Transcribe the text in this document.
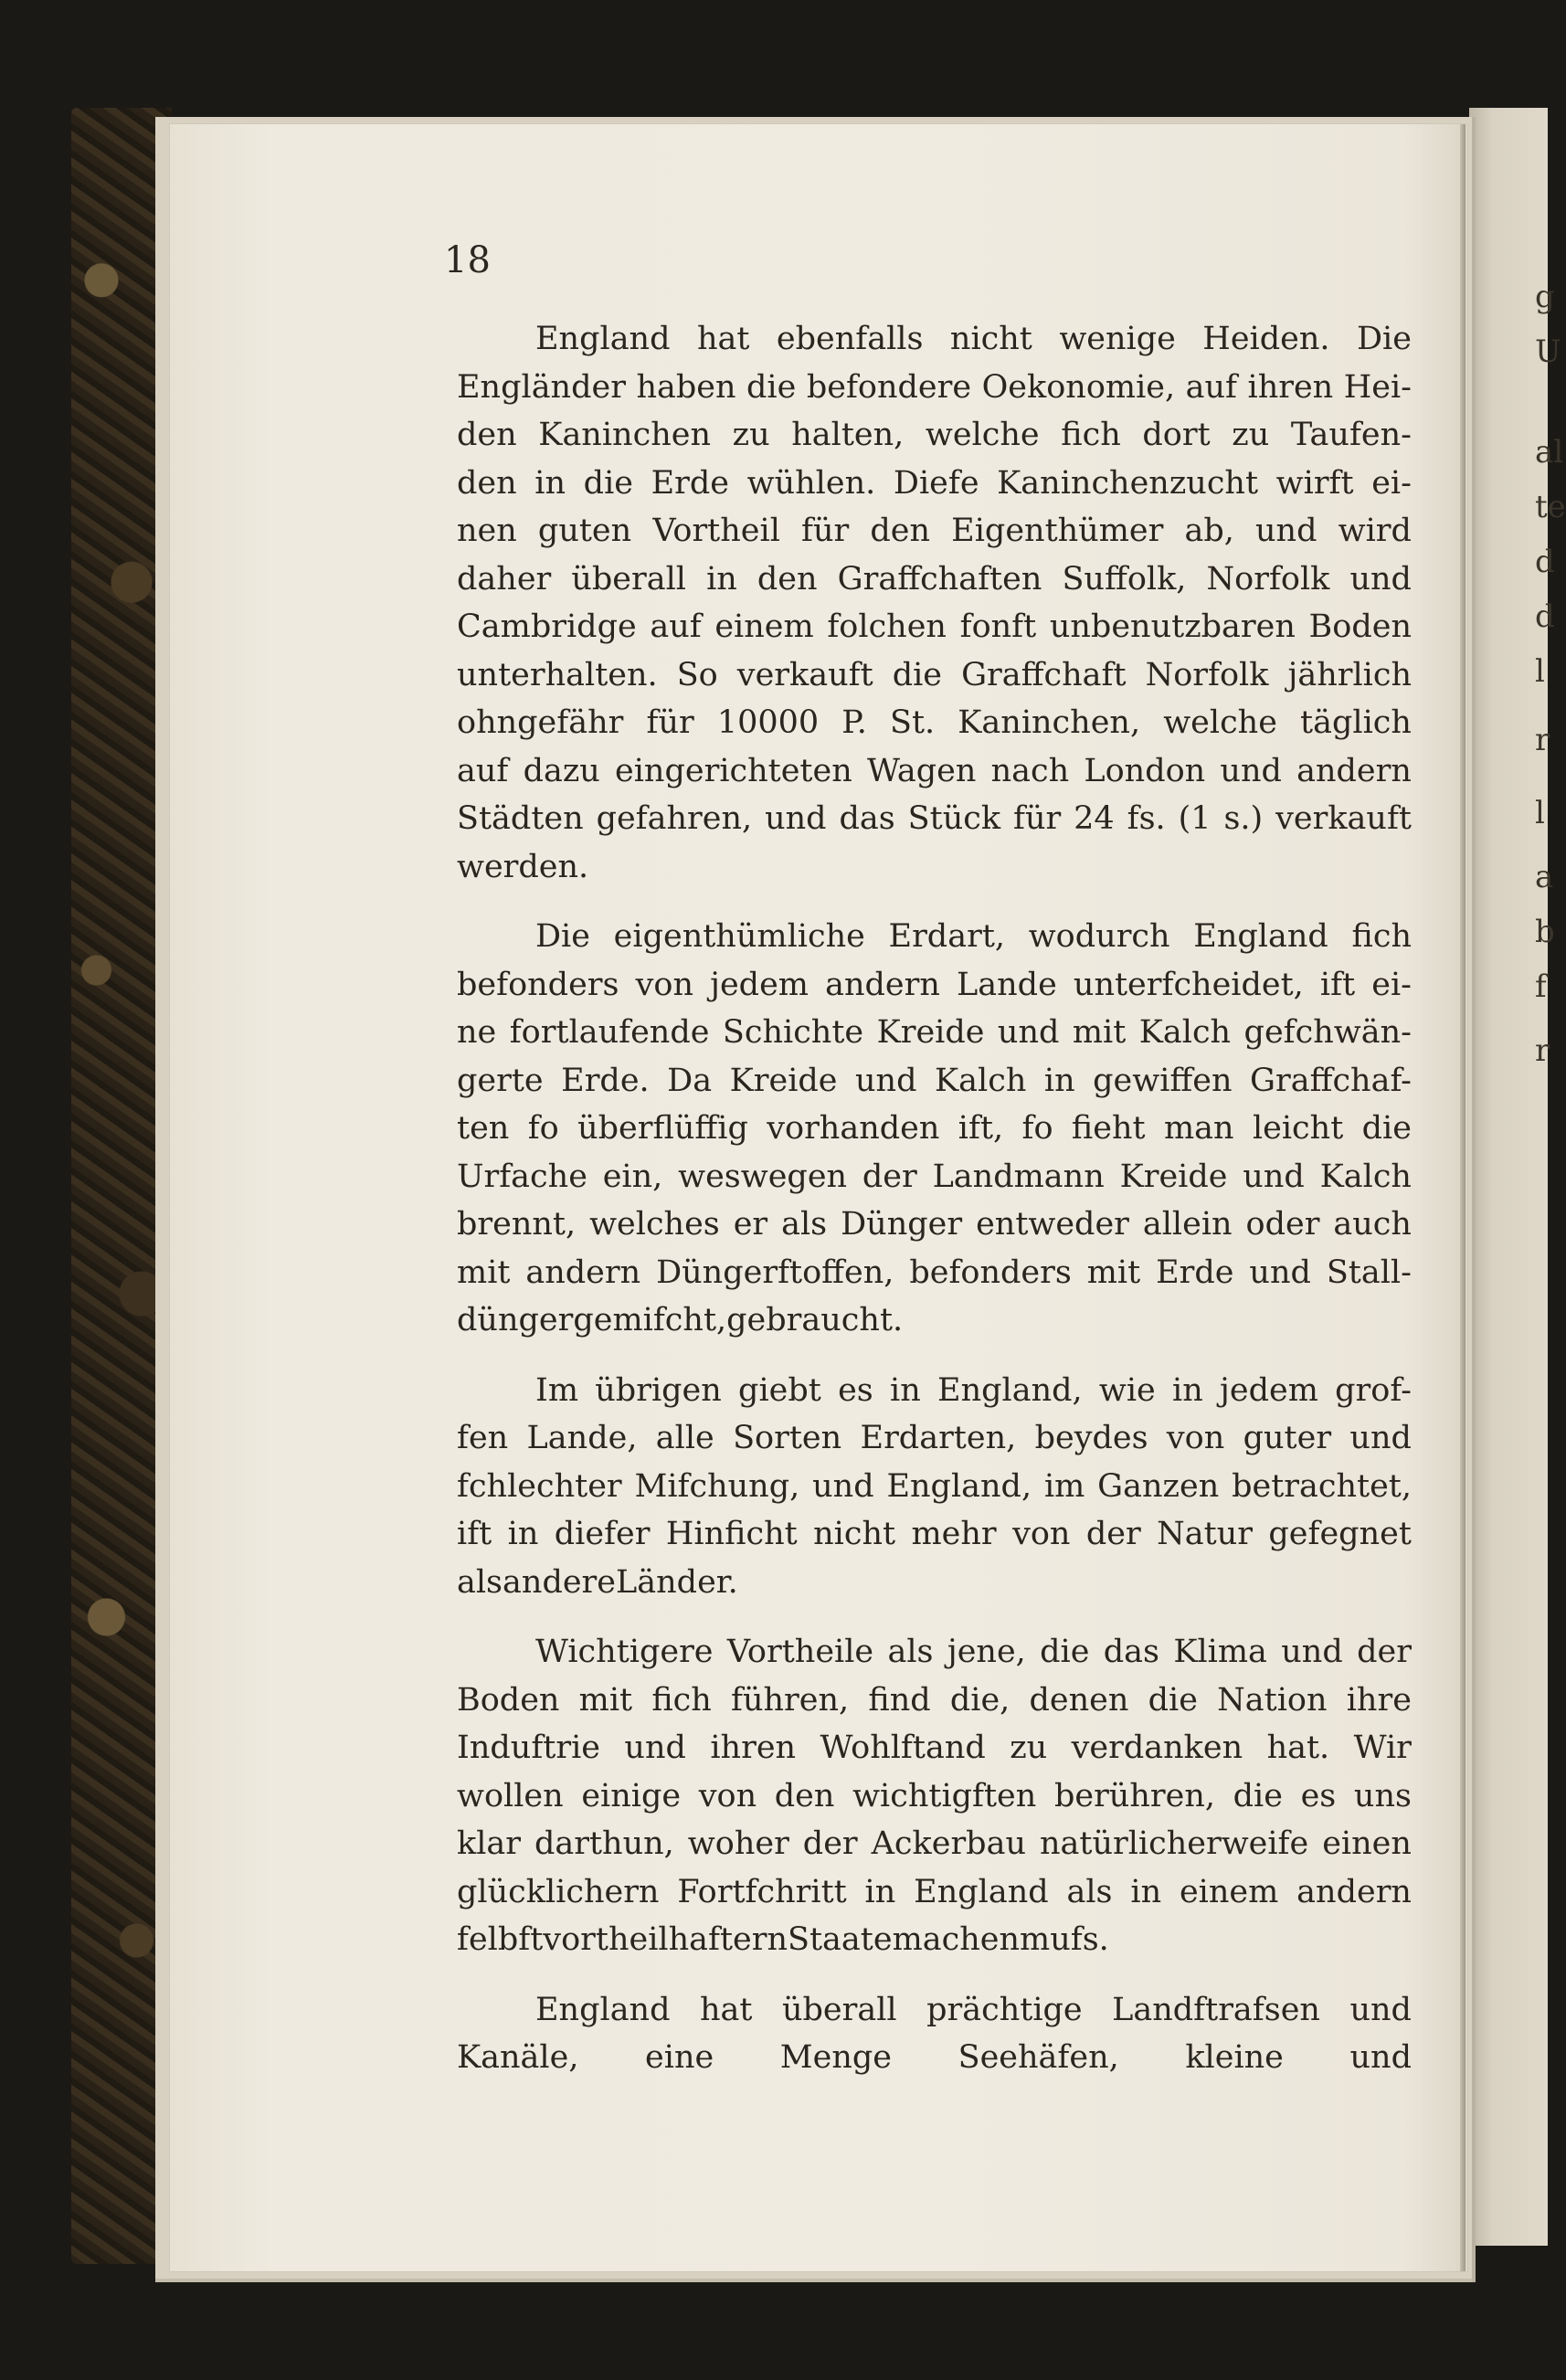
g
U
al
te
d
d
l
r
l
a
b
f
r

18

England hat ebenfalls nicht wenige Heiden. Die
Engländer haben die befondere Oekonomie, auf ihren Hei-
den Kaninchen zu halten, welche fich dort zu Taufen-
den in die Erde wühlen. Diefe Kaninchenzucht wirft ei-
nen guten Vortheil für den Eigenthümer ab, und wird
daher überall in den Graffchaften Suffolk, Norfolk und
Cambridge auf einem folchen fonft unbenutzbaren Boden
unterhalten. So verkauft die Graffchaft Norfolk jährlich
ohngefähr für 10000 P. St. Kaninchen, welche täglich
auf dazu eingerichteten Wagen nach London und andern
Städten gefahren, und das Stück für 24 fs. (1 s.) verkauft
werden.
Die eigenthümliche Erdart, wodurch England fich
befonders von jedem andern Lande unterfcheidet, ift ei-
ne fortlaufende Schichte Kreide und mit Kalch gefchwän-
gerte Erde. Da Kreide und Kalch in gewiffen Graffchaf-
ten fo überflüffig vorhanden ift, fo fieht man leicht die
Urfache ein, weswegen der Landmann Kreide und Kalch
brennt, welches er als Dünger entweder allein oder auch
mit andern Düngerftoffen, befonders mit Erde und Stall-
dünger gemifcht, gebraucht.
Im übrigen giebt es in England, wie in jedem grof-
fen Lande, alle Sorten Erdarten, beydes von guter und
fchlechter Mifchung, und England, im Ganzen betrachtet,
ift in diefer Hinficht nicht mehr von der Natur gefegnet
als andere Länder.
Wichtigere Vortheile als jene, die das Klima und der
Boden mit fich führen, find die, denen die Nation ihre
Induftrie und ihren Wohlftand zu verdanken hat. Wir
wollen einige von den wichtigften berühren, die es uns
klar darthun, woher der Ackerbau natürlicherweife einen
glücklichern Fortfchritt in England als in einem andern
felbft vortheilhaftern Staate machen mufs.
England hat überall prächtige Landftrafsen und
Kanäle, eine Menge Seehäfen, kleine und
